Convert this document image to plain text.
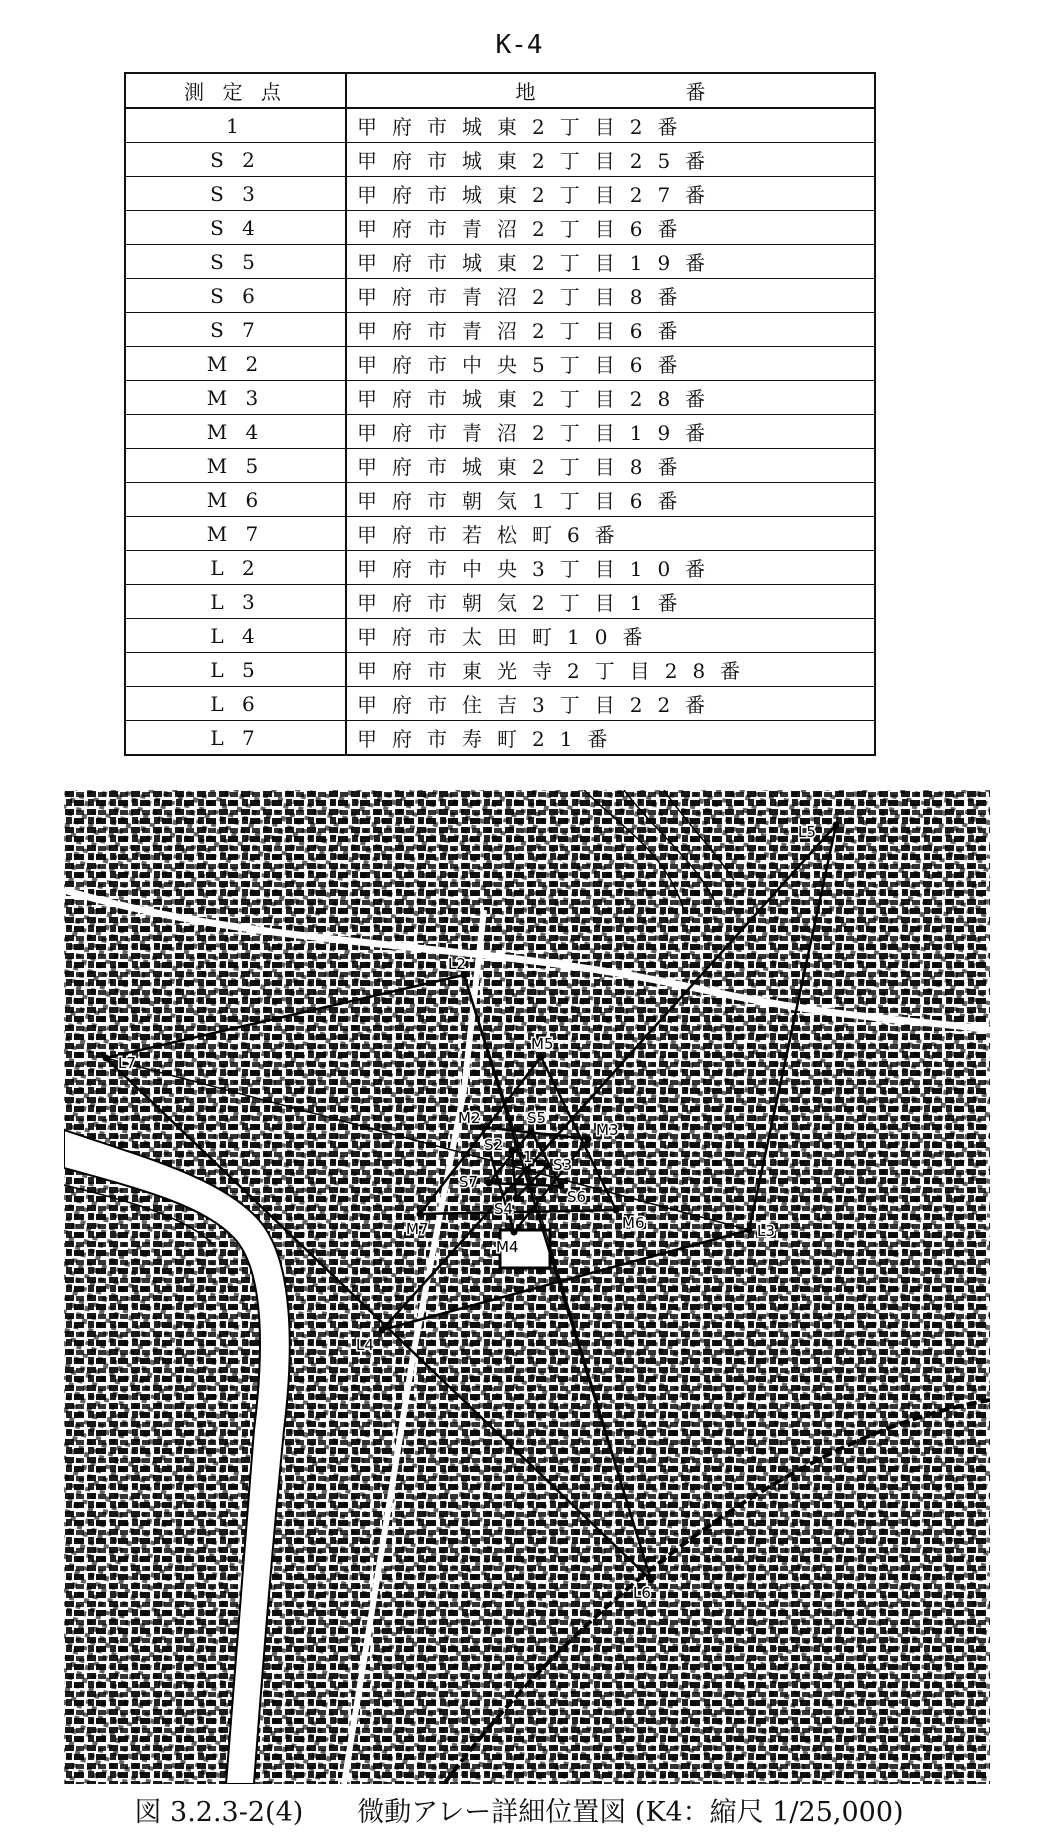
K-4
測 定 点	地番
1	甲府市城東2丁目2番
S 2	甲府市城東2丁目25番
S 3	甲府市城東2丁目27番
S 4	甲府市青沼2丁目6番
S 5	甲府市城東2丁目19番
S 6	甲府市青沼2丁目8番
S 7	甲府市青沼2丁目6番
M 2	甲府市中央5丁目6番
M 3	甲府市城東2丁目28番
M 4	甲府市青沼2丁目19番
M 5	甲府市城東2丁目8番
M 6	甲府市朝気1丁目6番
M 7	甲府市若松町6番
L 2	甲府市中央3丁目10番
L 3	甲府市朝気2丁目1番
L 4	甲府市太田町10番
L 5	甲府市東光寺2丁目28番
L 6	甲府市住吉3丁目22番
L 7	甲府市寿町21番
L2
L3
L4
L5
L6
L7
M2
M3
M4
M5
M6
M7
S2
S3
S4
S5
S6
S7
1
図 3.2.3-2(4)　　微動アレー詳細位置図 (K4：縮尺 1/25,000)
